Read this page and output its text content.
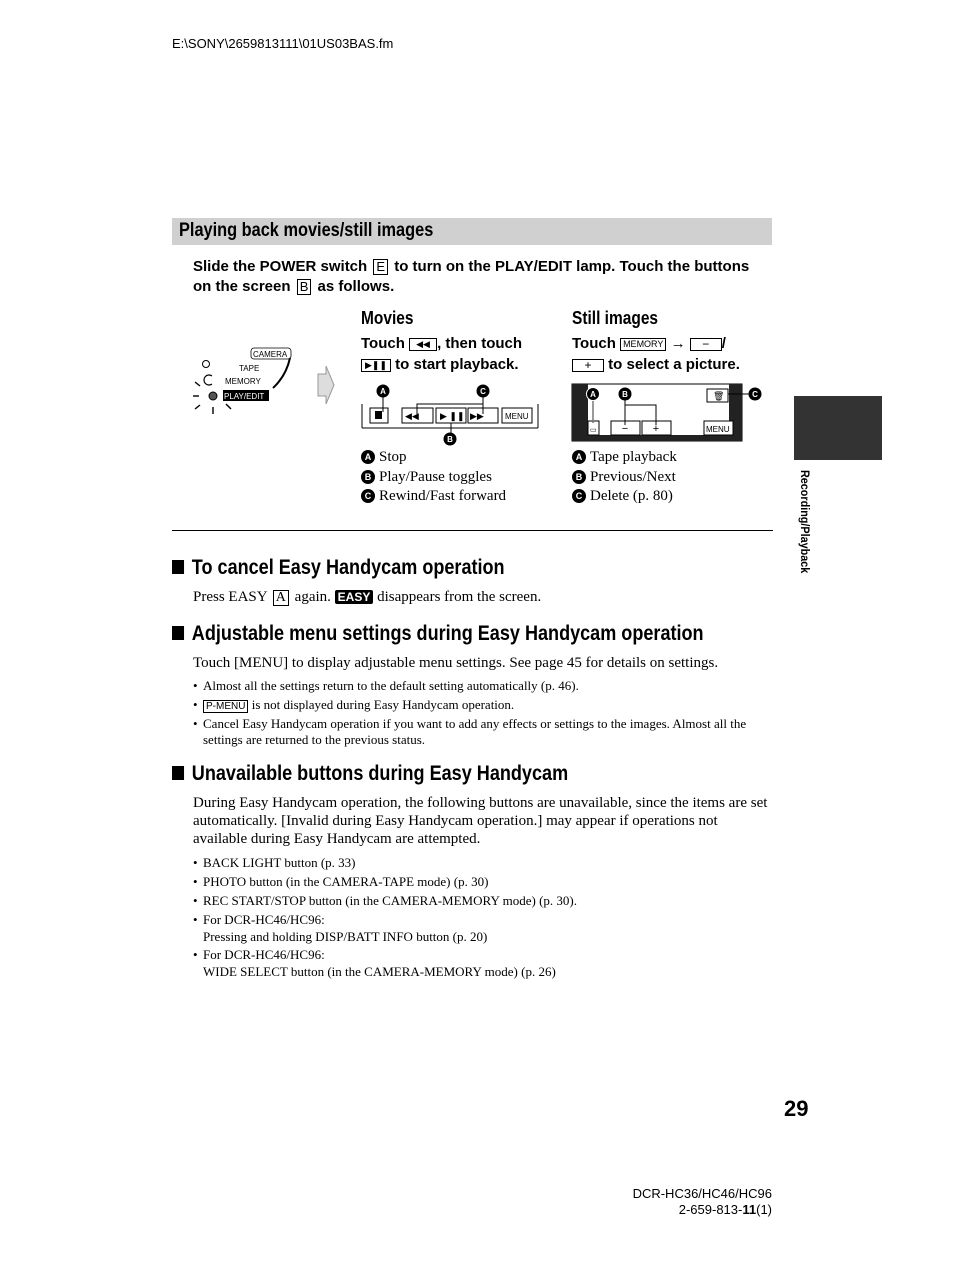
E:\SONY\2659813111\01US03BAS.fm
Playing back movies/still images
Slide the POWER switch E to turn on the PLAY/EDIT lamp. Touch the buttons on the screen B as follows.
CAMERA
TAPE
MEMORY
PLAY/EDIT
Movies
Touch ◀◀ , then touch
▶❚❚ to start playback.
◀◀ ▶ ❚❚ ▶▶	MENU
A	C
B
A Stop
B Play/Pause toggles
C Rewind/Fast forward
Still images
Touch MEMORY → − /
+ to select a picture.
▭ − +	MENU
🗑
A	B	C
A Tape playback
B Previous/Next
C Delete (p. 80)
To cancel Easy Handycam operation
Press EASY A again. EASY disappears from the screen.
Adjustable menu settings during Easy Handycam operation
Touch [MENU] to display adjustable menu settings. See page 45 for details on settings.
• Almost all the settings return to the default setting automatically (p. 46).
• P-MENU is not displayed during Easy Handycam operation.
• Cancel Easy Handycam operation if you want to add any effects or settings to the images. Almost all the settings are returned to the previous status.
Unavailable buttons during Easy Handycam
During Easy Handycam operation, the following buttons are unavailable, since the items are set automatically. [Invalid during Easy Handycam operation.] may appear if operations not available during Easy Handycam are attempted.
• BACK LIGHT button (p. 33)
• PHOTO button (in the CAMERA-TAPE mode) (p. 30)
• REC START/STOP button (in the CAMERA-MEMORY mode) (p. 30).
• For DCR-HC46/HC96:
Pressing and holding DISP/BATT INFO button (p. 20)
• For DCR-HC46/HC96:
WIDE SELECT button (in the CAMERA-MEMORY mode) (p. 26)
Recording/Playback
29
DCR-HC36/HC46/HC96
2-659-813-11(1)
